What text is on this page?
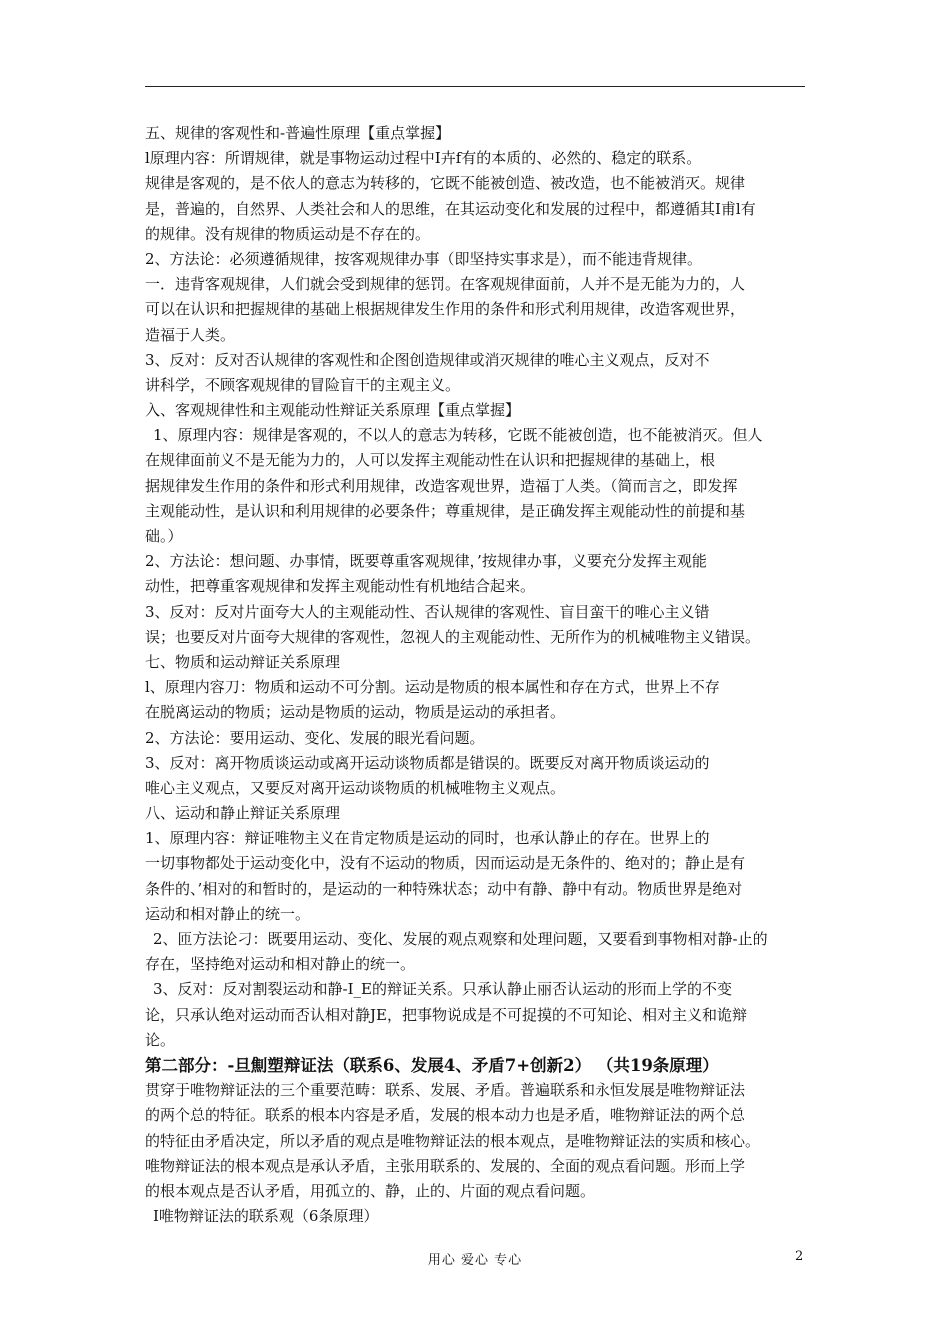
五、规律的客观性和-普遍性原理【重点掌握】
l原理内容：所谓规律，就是事物运动过程中I卉f有的本质的、必然的、稳定的联系。
规律是客观的，是不依人的意志为转移的，它既不能被创造、被改造，也不能被消灭。规律
是，普遍的，自然界、人类社会和人的思维，在其运动变化和发展的过程中，都遵循其I甫l有
的规律。没有规律的物质运动是不存在的。
2、方法论：必须遵循规律，按客观规律办事（即坚持实事求是），而不能违背规律。
一．违背客观规律，人们就会受到规律的惩罚。在客观规律面前，人并不是无能为力的，人
可以在认识和把握规律的基础上根据规律发生作用的条件和形式利用规律，改造客观世界，
造福于人类。
3、反对：反对否认规律的客观性和企图创造规律或消灭规律的唯心主义观点，反对不
讲科学，不顾客观规律的冒险盲干的主观主义。
入、客观规律性和主观能动性辩证关系原理【重点掌握】
1、原理内容：规律是客观的，不以人的意志为转移，它既不能被创造，也不能被消灭。但人
在规律面前义不是无能为力的，人可以发挥主观能动性在认识和把握规律的基础上，根
据规律发生作用的条件和形式利用规律，改造客观世界，造福丁人类。（简而言之，即发挥
主观能动性，是认识和利用规律的必要条件；尊重规律，是正确发挥主观能动性的前提和基
础。）
2、方法论：想问题、办事情，既要尊重客观规律，’按规律办事，义要充分发挥主观能
动性，把尊重客观规律和发挥主观能动性有机地结合起来。
3、反对：反对片面夸大人的主观能动性、否认规律的客观性、盲目蛮干的唯心主义错
误；也要反对片面夸大规律的客观性，忽视人的主观能动性、无所作为的机械唯物主义错误。
七、物质和运动辩证关系原理
l、原理内容刀：物质和运动不可分割。运动是物质的根本属性和存在方式，世界上不存
在脱离运动的物质；运动是物质的运动，物质是运动的承担者。
2、方法论：要用运动、变化、发展的眼光看问题。
3、反对：离开物质谈运动或离开运动谈物质都是错误的。既要反对离开物质谈运动的
唯心主义观点，又要反对离开运动谈物质的机械唯物主义观点。
八、运动和静止辩证关系原理
1、原理内容：辩证唯物主义在肯定物质是运动的同时，也承认静止的存在。世界上的
一切事物都处于运动变化中，没有不运动的物质，因而运动是无条件的、绝对的；静止是有
条件的、’相对的和暂时的，是运动的一种特殊状态；动中有静、静中有动。物质世界是绝对
运动和相对静止的统一。
2、匝方法论刁：既要用运动、变化、发展的观点观察和处理问题，又要看到事物相对静-止的
存在，坚持绝对运动和相对静止的统一。
3、反对：反对割裂运动和静-I_E的辩证关系。只承认静止丽否认运动的形而上学的不变
论，只承认绝对运动而否认相对静JE，把事物说成是不可捉摸的不可知论、相对主义和诡辩
论。
第二部分：-旦劁塑辩证法（联系6、发展4、矛盾7+创新2） （共19条原理）
贯穿于唯物辩证法的三个重要范畴：联系、发展、矛盾。普遍联系和永恒发展是唯物辩证法
的两个总的特征。联系的根本内容是矛盾，发展的根本动力也是矛盾，唯物辩证法的两个总
的特征由矛盾决定，所以矛盾的观点是唯物辩证法的根本观点，是唯物辩证法的实质和核心。
唯物辩证法的根本观点是承认矛盾，主张用联系的、发展的、全面的观点看问题。形而上学
的根本观点是否认矛盾，用孤立的、静，止的、片面的观点看问题。
I唯物辩证法的联系观（6条原理）
用心 爱心 专心	2
